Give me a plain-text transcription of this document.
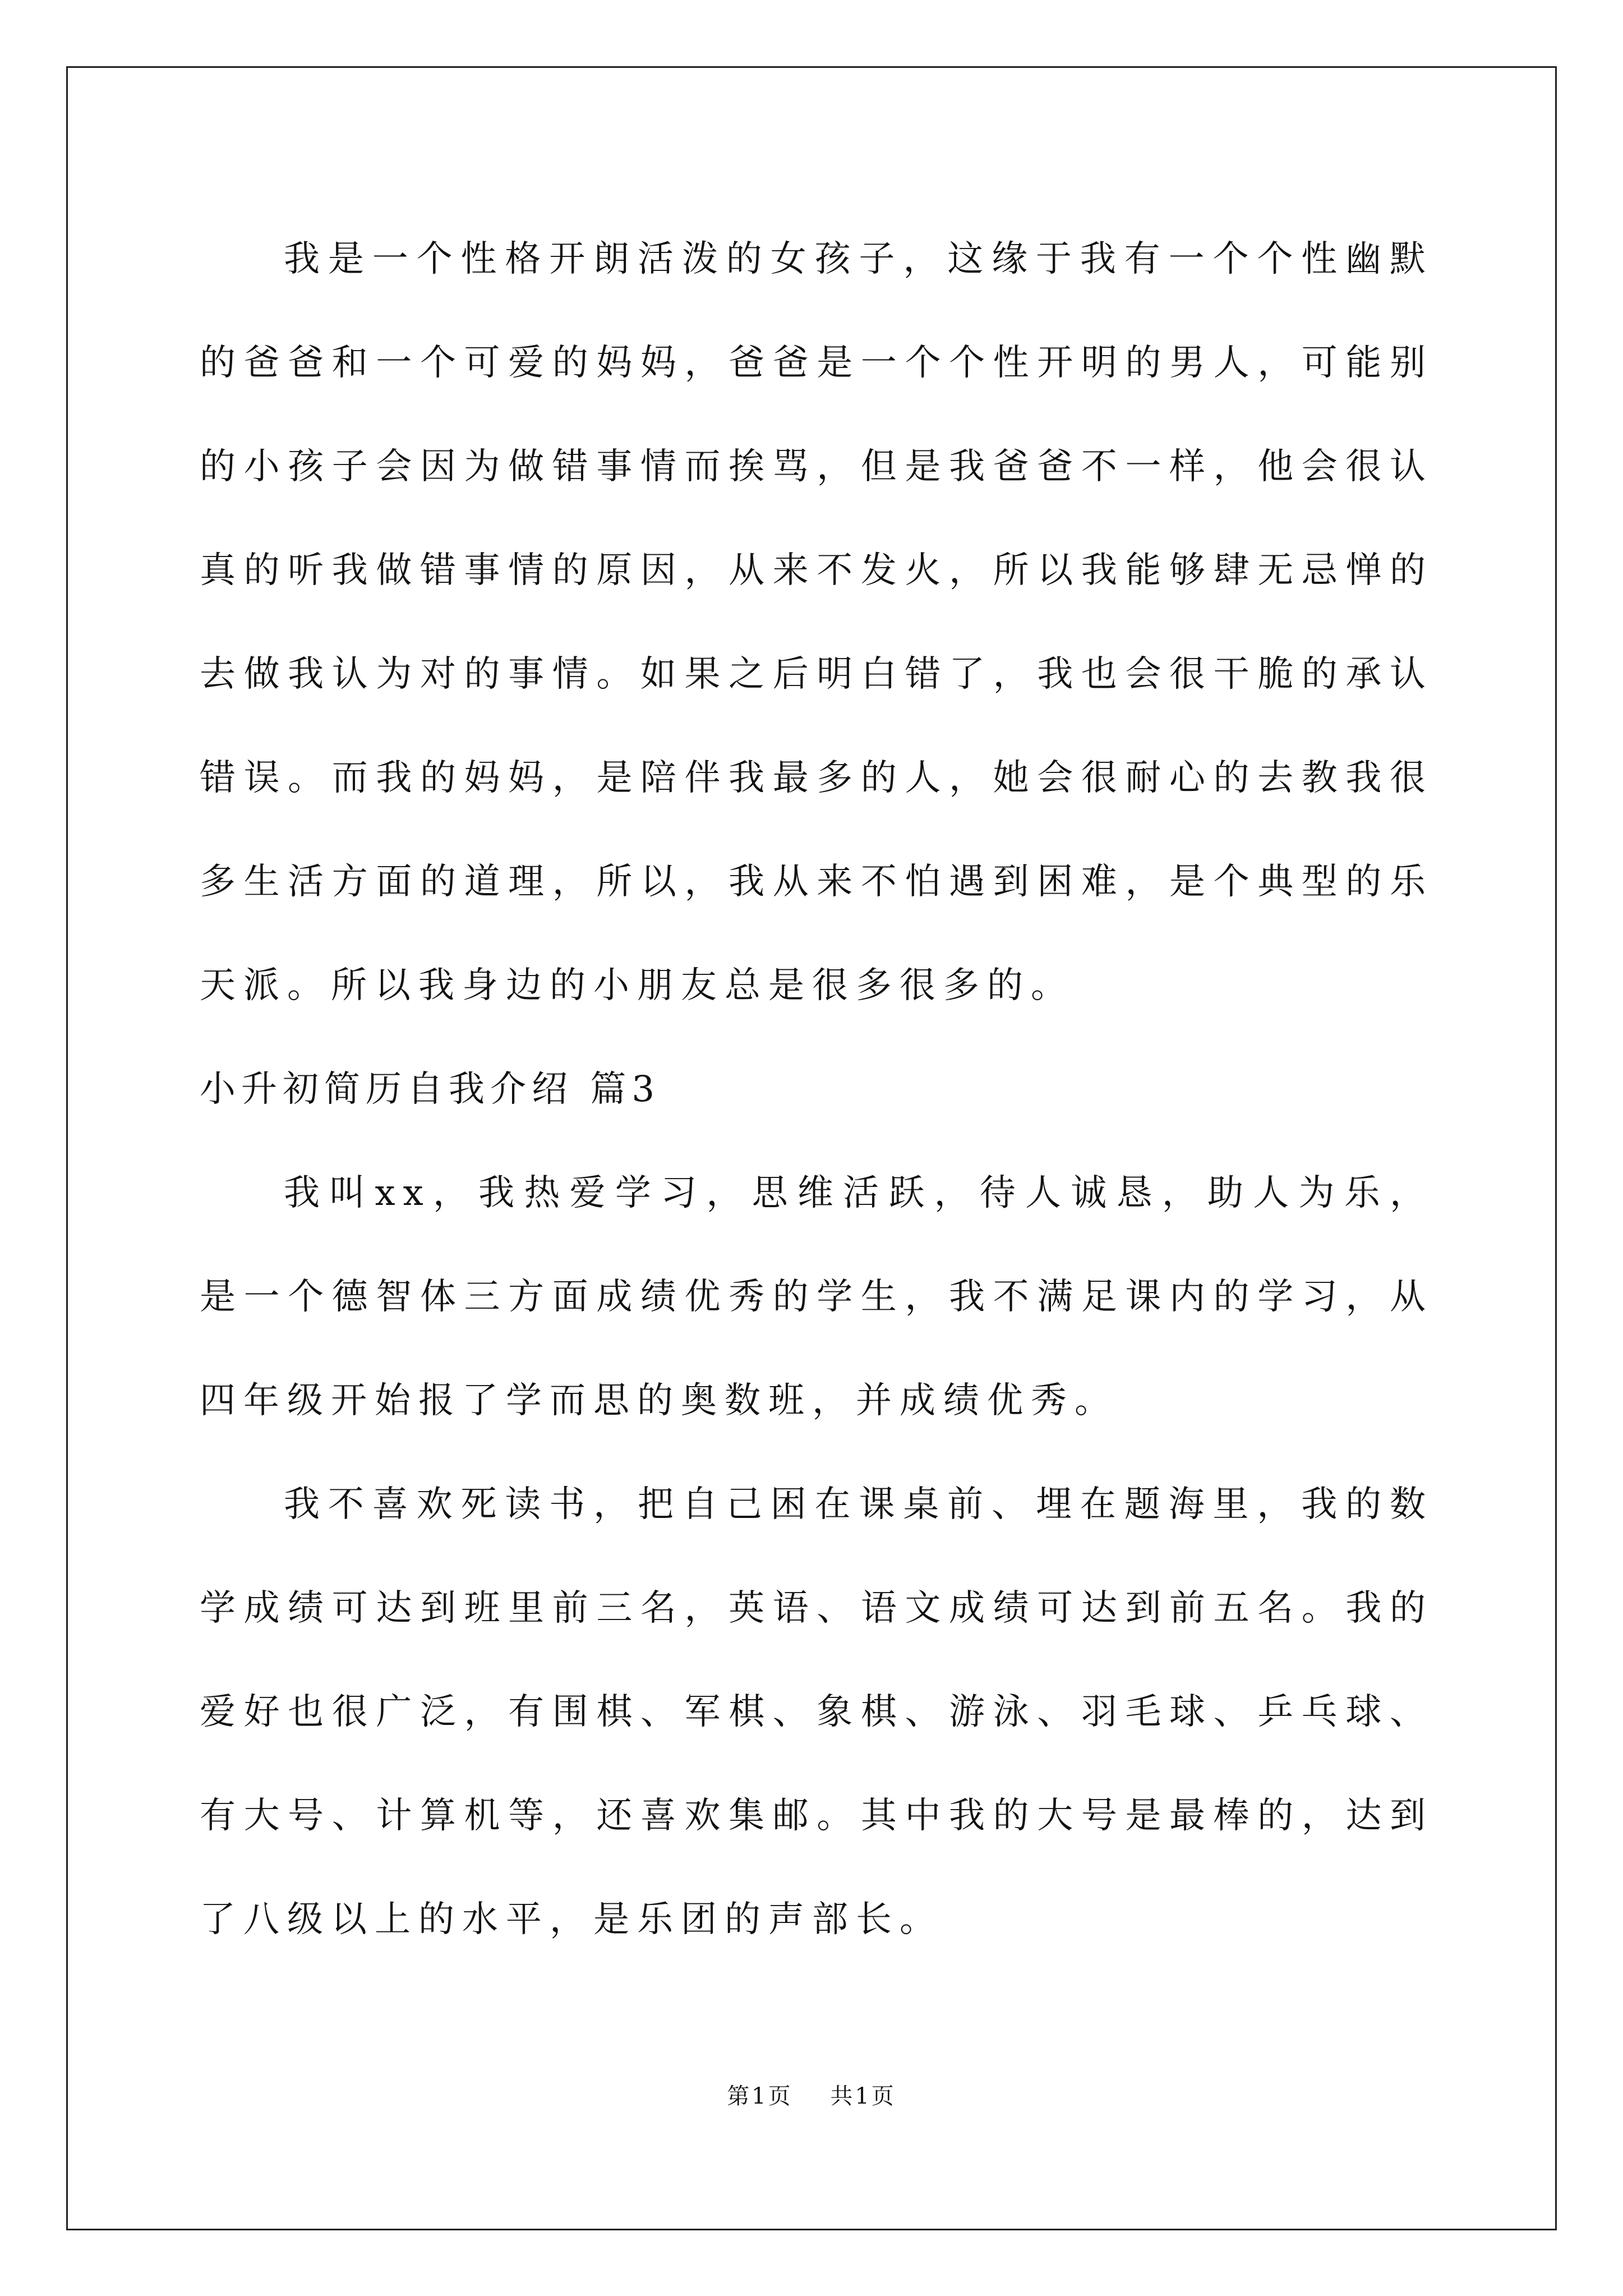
我是一个性格开朗活泼的女孩子，这缘于我有一个个性幽默的爸爸和一个可爱的妈妈，爸爸是一个个性开明的男人，可能别的小孩子会因为做错事情而挨骂，但是我爸爸不一样，他会很认真的听我做错事情的原因，从来不发火，所以我能够肆无忌惮的去做我认为对的事情。如果之后明白错了，我也会很干脆的承认错误。而我的妈妈，是陪伴我最多的人，她会很耐心的去教我很多生活方面的道理，所以，我从来不怕遇到困难，是个典型的乐天派。所以我身边的小朋友总是很多很多的。

小升初简历自我介绍 篇3

我叫xx，我热爱学习，思维活跃，待人诚恳，助人为乐，是一个德智体三方面成绩优秀的学生，我不满足课内的学习，从四年级开始报了学而思的奥数班，并成绩优秀。

我不喜欢死读书，把自己困在课桌前、埋在题海里，我的数学成绩可达到班里前三名，英语、语文成绩可达到前五名。我的爱好也很广泛，有围棋、军棋、象棋、游泳、羽毛球、乒乓球、有大号、计算机等，还喜欢集邮。其中我的大号是最棒的，达到了八级以上的水平，是乐团的声部长。

第1页 共1页
